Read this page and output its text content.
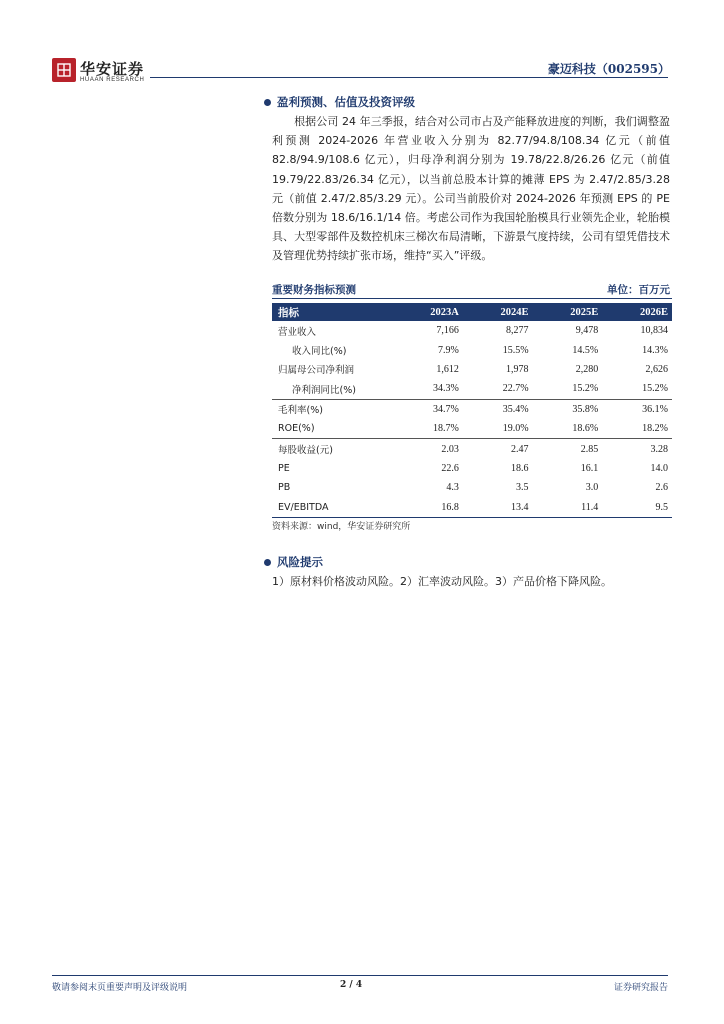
华安证券
HUAAN RESEARCH
豪迈科技（002595）
盈利预测、估值及投资评级
根据公司 24 年三季报，结合对公司市占及产能释放进度的判断，我们调整盈利预测 2024-2026 年营业收入分别为 82.77/94.8/108.34 亿元（前值 82.8/94.9/108.6 亿元），归母净利润分别为 19.78/22.8/26.26 亿元（前值 19.79/22.83/26.34 亿元），以当前总股本计算的摊薄 EPS 为 2.47/2.85/3.28 元（前值 2.47/2.85/3.29 元）。公司当前股价对 2024-2026 年预测 EPS 的 PE 倍数分别为 18.6/16.1/14 倍。考虑公司作为我国轮胎模具行业领先企业，轮胎模具、大型零部件及数控机床三梯次布局清晰，下游景气度持续，公司有望凭借技术及管理优势持续扩张市场，维持“买入”评级。
重要财务指标预测	单位：百万元
指标	2023A	2024E	2025E	2026E
营业收入	7,166	8,277	9,478	10,834
收入同比(%)	7.9%	15.5%	14.5%	14.3%
归属母公司净利润	1,612	1,978	2,280	2,626
净利润同比(%)	34.3%	22.7%	15.2%	15.2%
毛利率(%)	34.7%	35.4%	35.8%	36.1%
ROE(%)	18.7%	19.0%	18.6%	18.2%
每股收益(元)	2.03	2.47	2.85	3.28
PE	22.6	18.6	16.1	14.0
PB	4.3	3.5	3.0	2.6
EV/EBITDA	16.8	13.4	11.4	9.5
资料来源：wind，华安证券研究所
风险提示
1）原材料价格波动风险。2）汇率波动风险。3）产品价格下降风险。
敬请参阅末页重要声明及评级说明	2 / 4	证券研究报告
